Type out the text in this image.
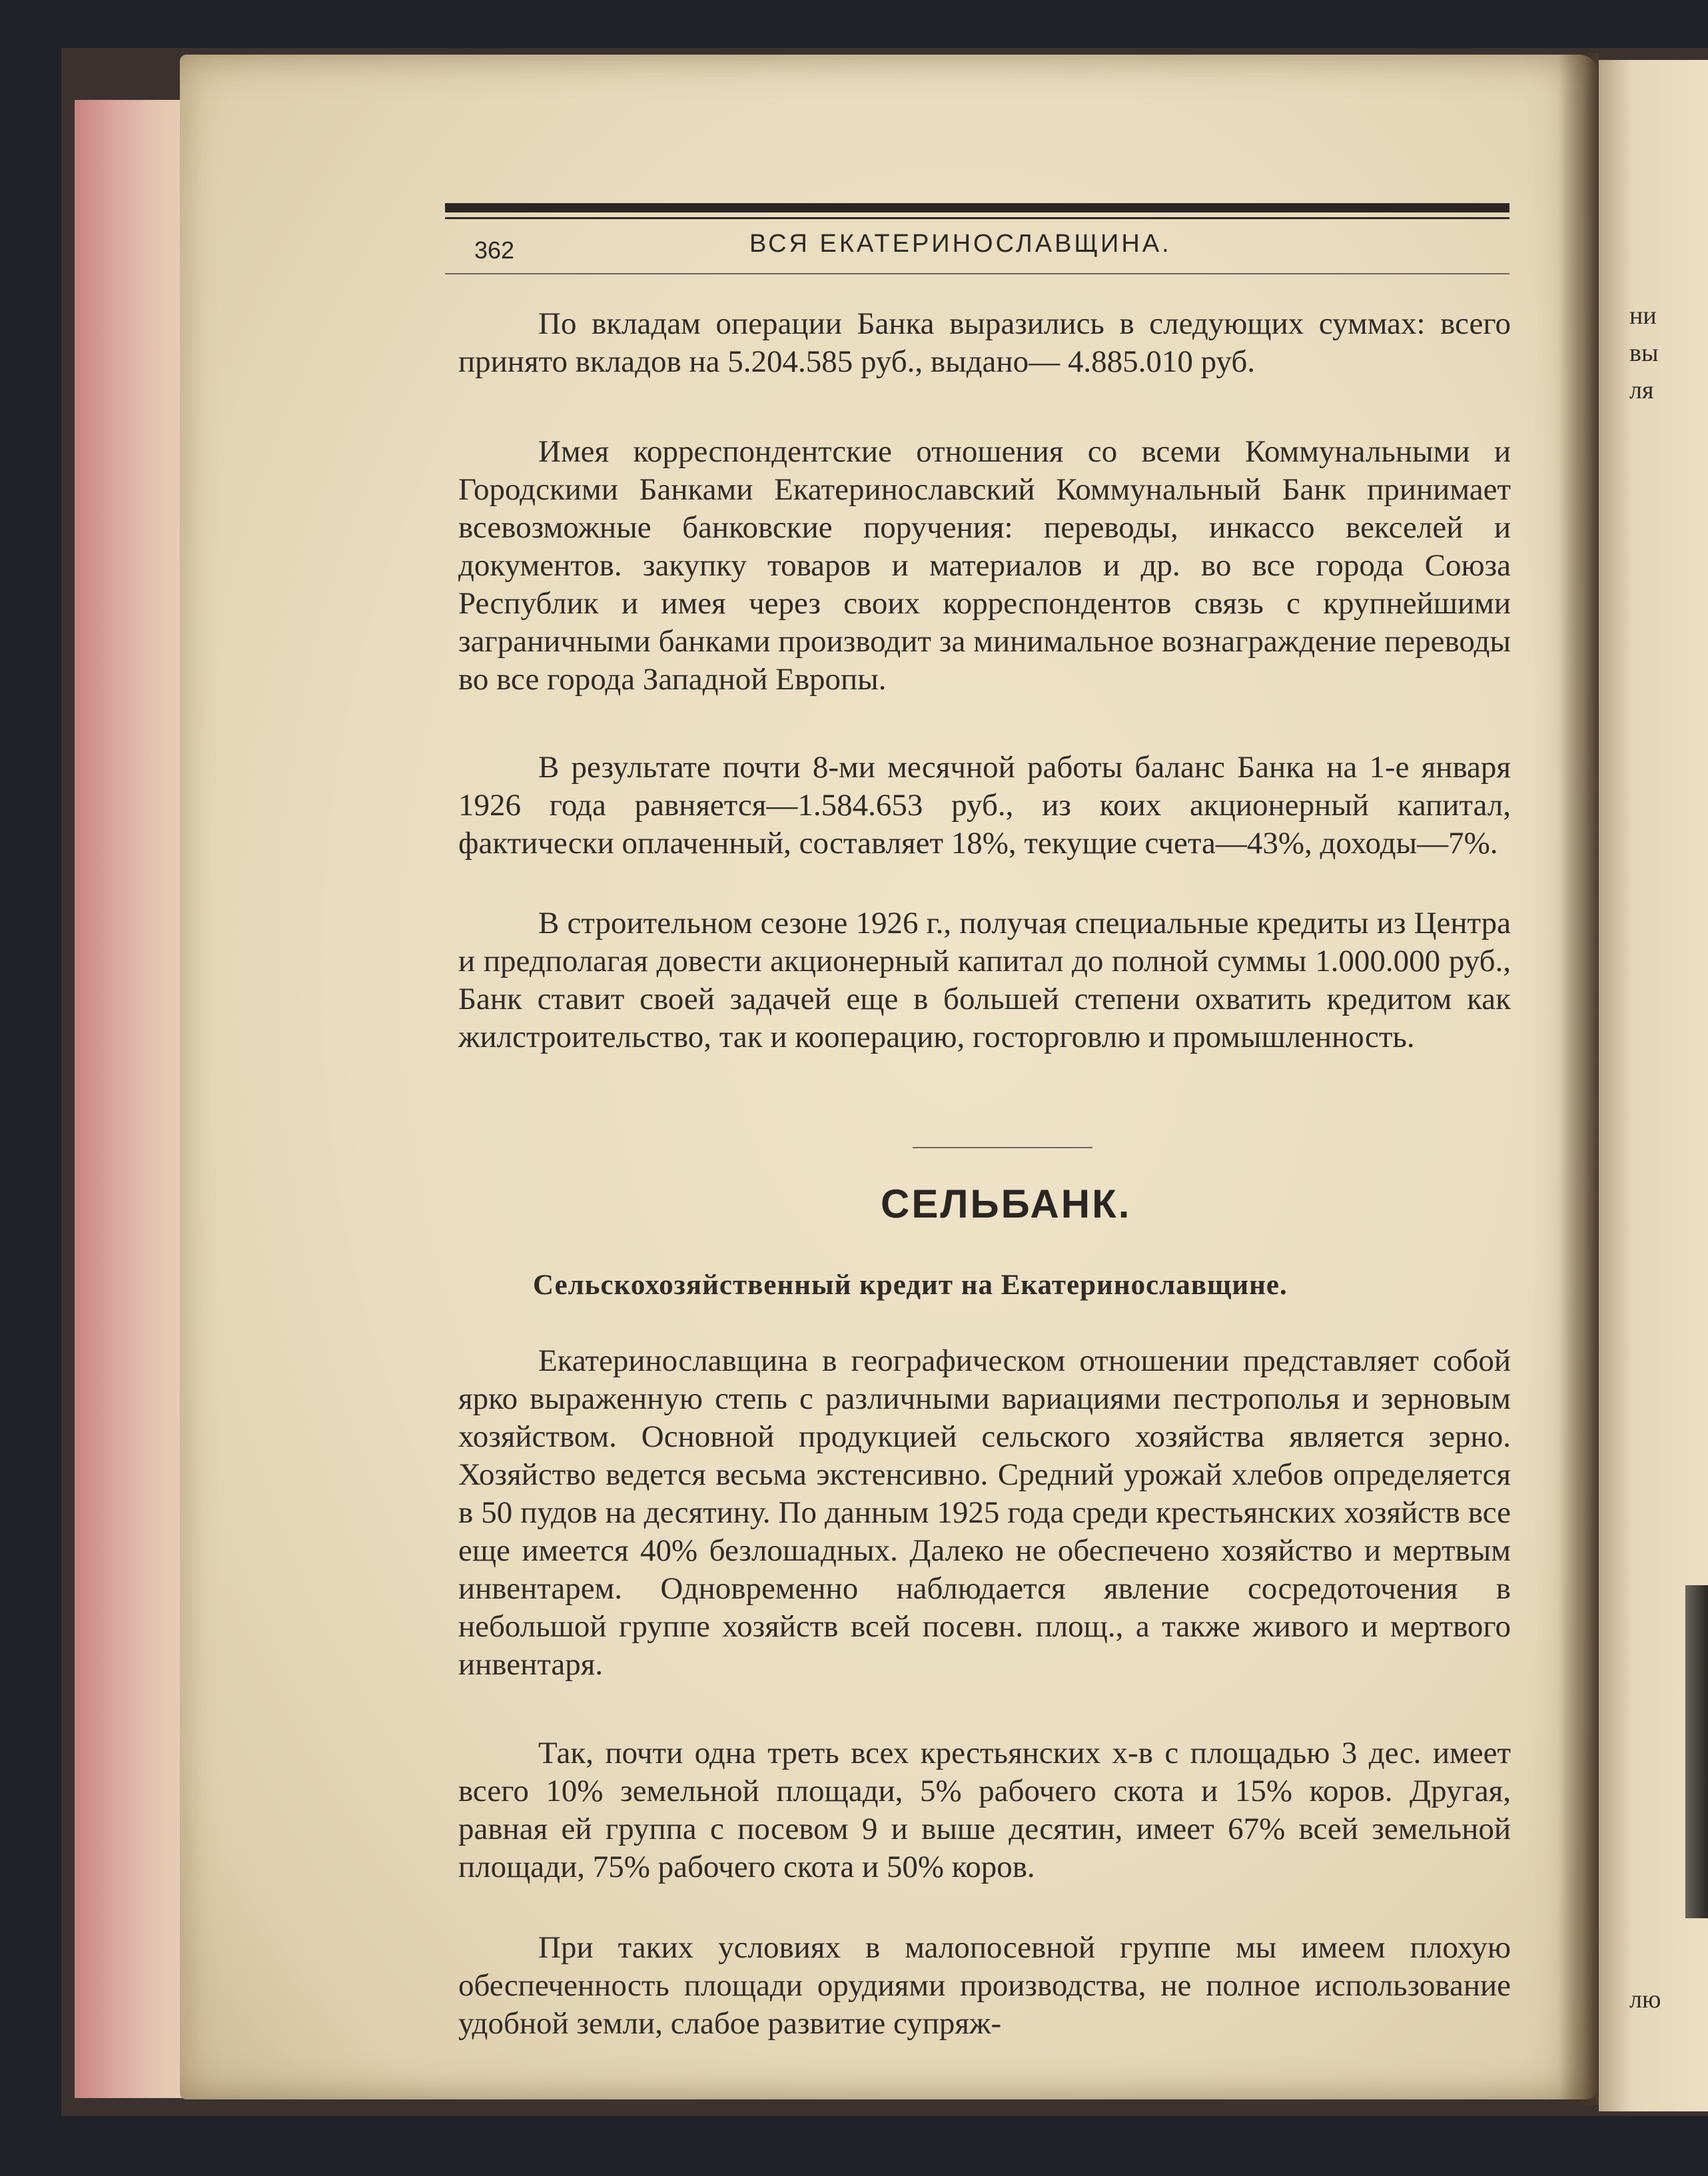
362	ВСЯ ЕКАТЕРИНОСЛАВЩИНА.

По вкладам операции Банка выразились в следующих суммах: всего принято вкладов на 5.204.585 руб., выдано— 4.885.010 руб.

Имея корреспондентские отношения со всеми Коммунальными и Городскими Банками Екатеринославский Коммунальный Банк принимает всевозможные банковские поручения: переводы, инкассо векселей и документов. закупку товаров и материалов и др. во все города Союза Республик и имея через своих корреспондентов связь с крупнейшими заграничными банками производит за минимальное вознаграждение переводы во все города Западной Европы.

В результате почти 8-ми месячной работы баланс Банка на 1-е января 1926 года равняется—1.584.653 руб., из коих акционерный капитал, фактически оплаченный, составляет 18%, текущие счета—43%, доходы—7%.

В строительном сезоне 1926 г., получая специальные кредиты из Центра и предполагая довести акционерный капитал до полной суммы 1.000.000 руб., Банк ставит своей задачей еще в большей степени охватить кредитом как жилстроительство, так и кооперацию, госторговлю и промышленность.

СЕЛЬБАНК.
Сельскохозяйственный кредит на Екатеринославщине.

Екатеринославщина в географическом отношении представляет собой ярко выраженную степь с различными вариациями пестрополья и зерновым хозяйством. Основной продукцией сельского хозяйства является зерно. Хозяйство ведется весьма экстенсивно. Средний урожай хлебов определяется в 50 пудов на десятину. По данным 1925 года среди крестьянских хозяйств все еще имеется 40% безлошадных. Далеко не обеспечено хозяйство и мертвым инвентарем. Одновременно наблюдается явление сосредоточения в небольшой группе хозяйств всей посевн. площ., а также живого и мертвого инвентаря.

Так, почти одна треть всех крестьянских х-в с площадью 3 дес. имеет всего 10% земельной площади, 5% рабочего скота и 15% коров. Другая, равная ей группа с посевом 9 и выше десятин, имеет 67% всей земельной площади, 75% рабочего скота и 50% коров.

При таких условиях в малопосевной группе мы имеем плохую обеспеченность площади орудиями производства, не полное использование удобной земли, слабое развитие супряж-

ни
вы
ля
лю
